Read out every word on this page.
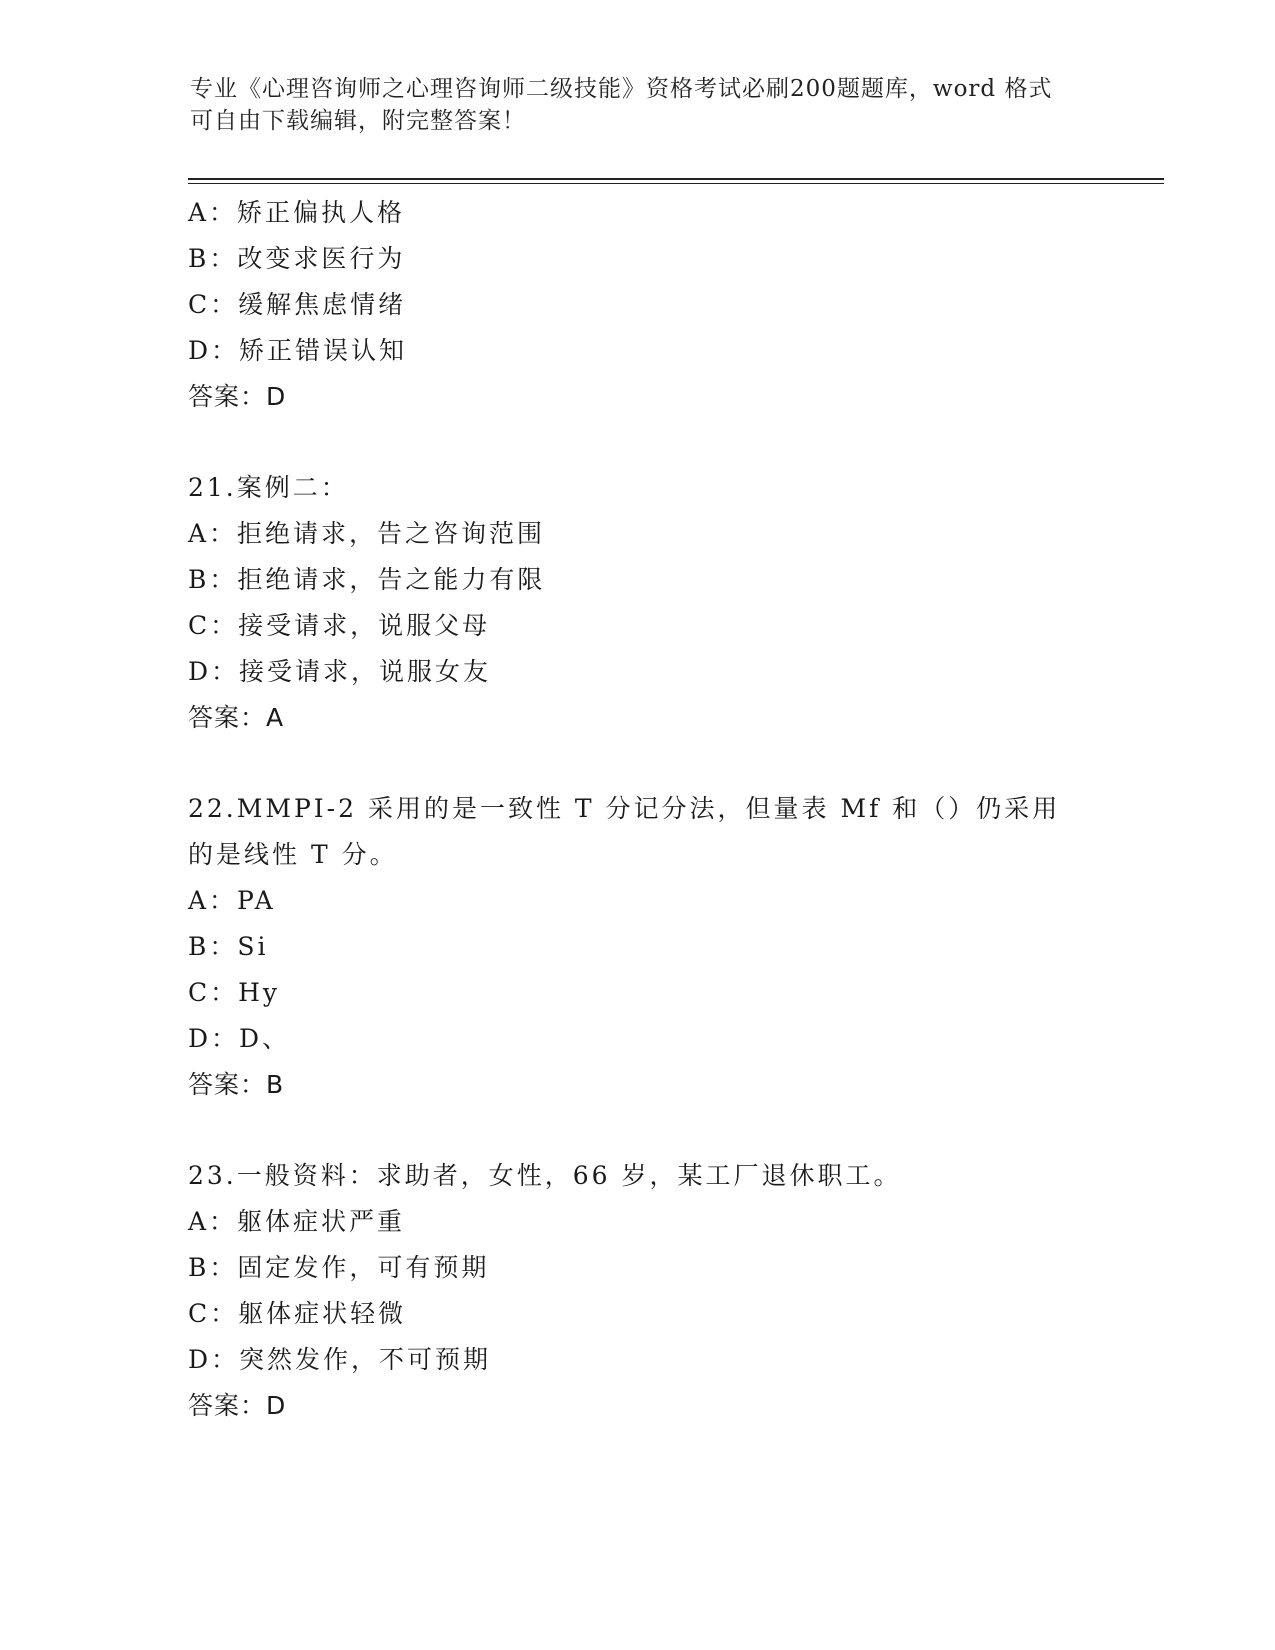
专业《心理咨询师之心理咨询师二级技能》资格考试必刷200题题库，word 格式
可自由下载编辑，附完整答案！
A：矫正偏执人格
B：改变求医行为
C：缓解焦虑情绪
D：矫正错误认知
答案：D
21.案例二：
A：拒绝请求，告之咨询范围
B：拒绝请求，告之能力有限
C：接受请求，说服父母
D：接受请求，说服女友
答案：A
22.MMPI-2 采用的是一致性 T 分记分法，但量表 Mf 和（）仍采用的是线性 T 分。
A：PA
B：Si
C：Hy
D：D、
答案：B
23.一般资料：求助者，女性，66 岁，某工厂退休职工。
A：躯体症状严重
B：固定发作，可有预期
C：躯体症状轻微
D：突然发作，不可预期
答案：D
